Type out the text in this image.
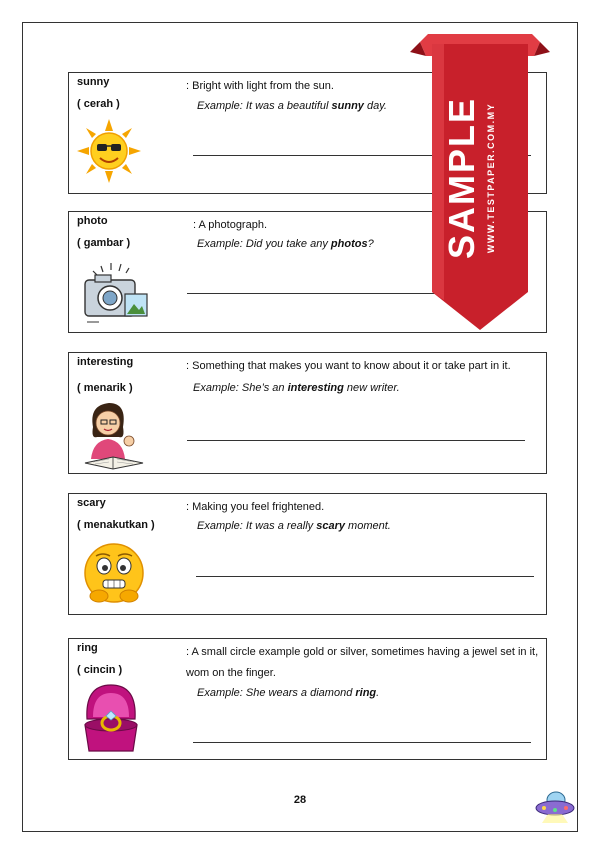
sunny
( cerah )
: Bright with light from the sun.
Example: It was a beautiful sunny day.
photo
( gambar )
: A photograph.
Example: Did you take any photos?
interesting
( menarik )
: Something that makes you want to know about it or take part in it.
Example: She’s an interesting new writer.
scary
( menakutkan )
: Making you feel frightened.
Example: It was a really scary moment.
ring
( cincin )
: A small circle example gold or silver, sometimes having a jewel set in it, wom on the finger.
Example: She wears a diamond ring.
SAMPLE WWW.TESTPAPER.COM.MY
28
